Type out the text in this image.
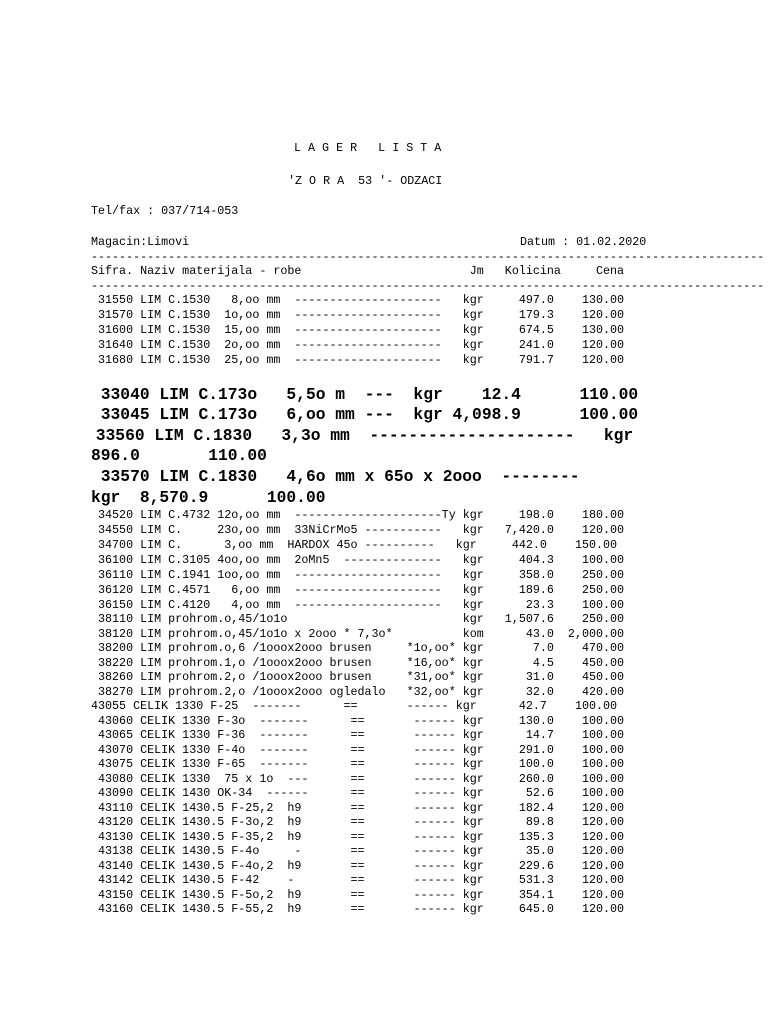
L A G E R   L I S T A
'Z O R A  53 '- ODZACI
Tel/fax : 037/714-053
Magacin:Limovi	Datum : 01.02.2020
------------------------------------------------------------------------------------------------
Sifra. Naziv materijala - robe                        Jm   Kolicina     Cena
------------------------------------------------------------------------------------------------
31550 LIM C.1530   8,oo mm  ---------------------   kgr     497.0    130.00
31570 LIM C.1530  1o,oo mm  ---------------------   kgr     179.3    120.00
31600 LIM C.1530  15,oo mm  ---------------------   kgr     674.5    130.00
31640 LIM C.1530  2o,oo mm  ---------------------   kgr     241.0    120.00
31680 LIM C.1530  25,oo mm  ---------------------   kgr     791.7    120.00
33040 LIM C.173o   5,5o m  ---  kgr    12.4      110.00
33045 LIM C.173o   6,oo mm ---  kgr 4,098.9      100.00
33560 LIM C.1830   3,3o mm  ---------------------   kgr
896.0       110.00
33570 LIM C.1830   4,6o mm x 65o x 2ooo  --------
kgr  8,570.9      100.00
34520 LIM C.4732 12o,oo mm  ---------------------Ty kgr     198.0    180.00
34550 LIM C.     23o,oo mm  33NiCrMo5 -----------   kgr   7,420.0    120.00
34700 LIM C.      3,oo mm  HARDOX 45o ----------   kgr     442.0    150.00
36100 LIM C.3105 4oo,oo mm  2oMn5  --------------   kgr     404.3    100.00
36110 LIM C.1941 1oo,oo mm  ---------------------   kgr     358.0    250.00
36120 LIM C.4571   6,oo mm  ---------------------   kgr     189.6    250.00
36150 LIM C.4120   4,oo mm  ---------------------   kgr      23.3    100.00
38110 LIM prohrom.o,45/1o1o                         kgr   1,507.6    250.00
38120 LIM prohrom.o,45/1o1o x 2ooo * 7,3o*          kom      43.0  2,000.00
38200 LIM prohrom.o,6 /1ooox2ooo brusen     *1o,oo* kgr       7.0    470.00
38220 LIM prohrom.1,o /1ooox2ooo brusen     *16,oo* kgr       4.5    450.00
38260 LIM prohrom.2,o /1ooox2ooo brusen     *31,oo* kgr      31.0    450.00
38270 LIM prohrom.2,o /1ooox2ooo ogledalo   *32,oo* kgr      32.0    420.00
43055 CELIK 1330 F-25  -------      ==       ------ kgr      42.7    100.00
43060 CELIK 1330 F-3o  -------      ==       ------ kgr     130.0    100.00
43065 CELIK 1330 F-36  -------      ==       ------ kgr      14.7    100.00
43070 CELIK 1330 F-4o  -------      ==       ------ kgr     291.0    100.00
43075 CELIK 1330 F-65  -------      ==       ------ kgr     100.0    100.00
43080 CELIK 1330  75 x 1o  ---      ==       ------ kgr     260.0    100.00
43090 CELIK 1430 OK-34  ------      ==       ------ kgr      52.6    100.00
43110 CELIK 1430.5 F-25,2  h9       ==       ------ kgr     182.4    120.00
43120 CELIK 1430.5 F-3o,2  h9       ==       ------ kgr      89.8    120.00
43130 CELIK 1430.5 F-35,2  h9       ==       ------ kgr     135.3    120.00
43138 CELIK 1430.5 F-4o     -       ==       ------ kgr      35.0    120.00
43140 CELIK 1430.5 F-4o,2  h9       ==       ------ kgr     229.6    120.00
43142 CELIK 1430.5 F-42    -        ==       ------ kgr     531.3    120.00
43150 CELIK 1430.5 F-5o,2  h9       ==       ------ kgr     354.1    120.00
43160 CELIK 1430.5 F-55,2  h9       ==       ------ kgr     645.0    120.00
